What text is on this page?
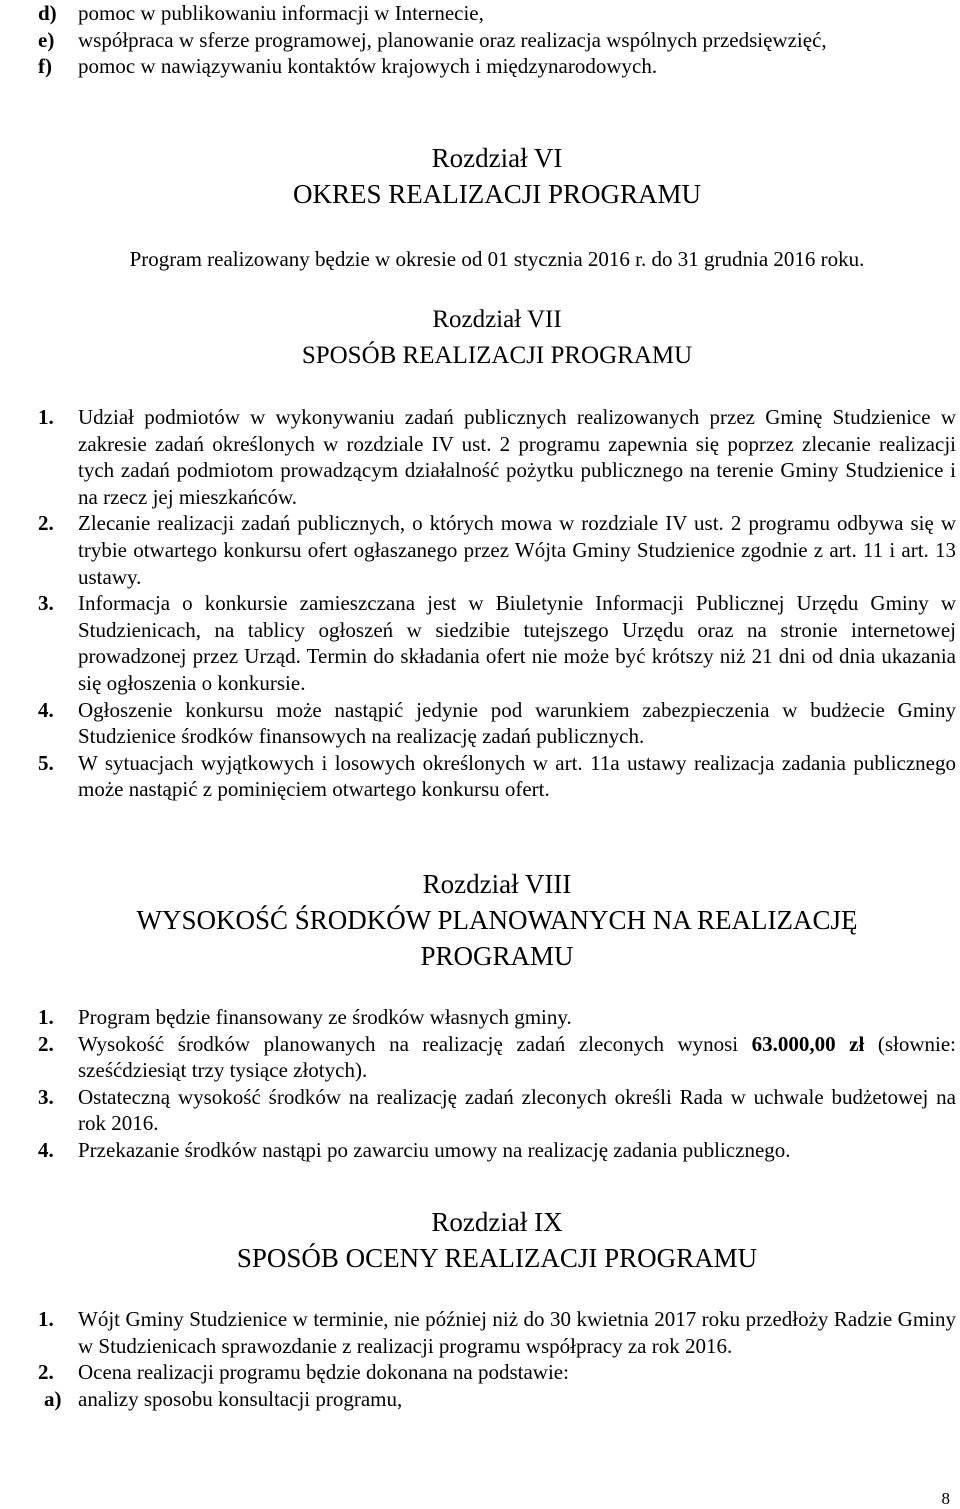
d) pomoc w publikowaniu informacji w Internecie,
e) współpraca w sferze programowej, planowanie oraz realizacja wspólnych przedsięwzięć,
f) pomoc w nawiązywaniu kontaktów krajowych i międzynarodowych.
Rozdział VI
OKRES REALIZACJI PROGRAMU
Program realizowany będzie w okresie od 01 stycznia 2016 r. do 31 grudnia 2016 roku.
Rozdział VII
SPOSÓB REALIZACJI PROGRAMU
1. Udział podmiotów w wykonywaniu zadań publicznych realizowanych przez Gminę Studzienice w zakresie zadań określonych w rozdziale IV ust. 2 programu zapewnia się poprzez zlecanie realizacji tych zadań podmiotom prowadzącym działalność pożytku publicznego na terenie Gminy Studzienice i na rzecz jej mieszkańców.
2. Zlecanie realizacji zadań publicznych, o których mowa w rozdziale IV ust. 2 programu odbywa się w trybie otwartego konkursu ofert ogłaszanego przez Wójta Gminy Studzienice zgodnie z art. 11 i art. 13 ustawy.
3. Informacja o konkursie zamieszczana jest w Biuletynie Informacji Publicznej Urzędu Gminy w Studzienicach, na tablicy ogłoszeń w siedzibie tutejszego Urzędu oraz na stronie internetowej prowadzonej przez Urząd. Termin do składania ofert nie może być krótszy niż 21 dni od dnia ukazania się ogłoszenia o konkursie.
4. Ogłoszenie konkursu może nastąpić jedynie pod warunkiem zabezpieczenia w budżecie Gminy Studzienice środków finansowych na realizację zadań publicznych.
5. W sytuacjach wyjątkowych i losowych określonych w art. 11a ustawy realizacja zadania publicznego może nastąpić z pominięciem otwartego konkursu ofert.
Rozdział VIII
WYSOKOŚĆ ŚRODKÓW PLANOWANYCH NA REALIZACJĘ PROGRAMU
1. Program będzie finansowany ze środków własnych gminy.
2. Wysokość środków planowanych na realizację zadań zleconych wynosi 63.000,00 zł (słownie: sześćdziesiąt trzy tysiące złotych).
3. Ostateczną wysokość środków na realizację zadań zleconych określi Rada w uchwale budżetowej na rok 2016.
4. Przekazanie środków nastąpi po zawarciu umowy na realizację zadania publicznego.
Rozdział IX
SPOSÓB OCENY REALIZACJI PROGRAMU
1. Wójt Gminy Studzienice w terminie, nie później niż do 30 kwietnia 2017 roku przedłoży Radzie Gminy w Studzienicach sprawozdanie z realizacji programu współpracy za rok 2016.
2. Ocena realizacji programu będzie dokonana na podstawie:
a) analizy sposobu konsultacji programu,
8
